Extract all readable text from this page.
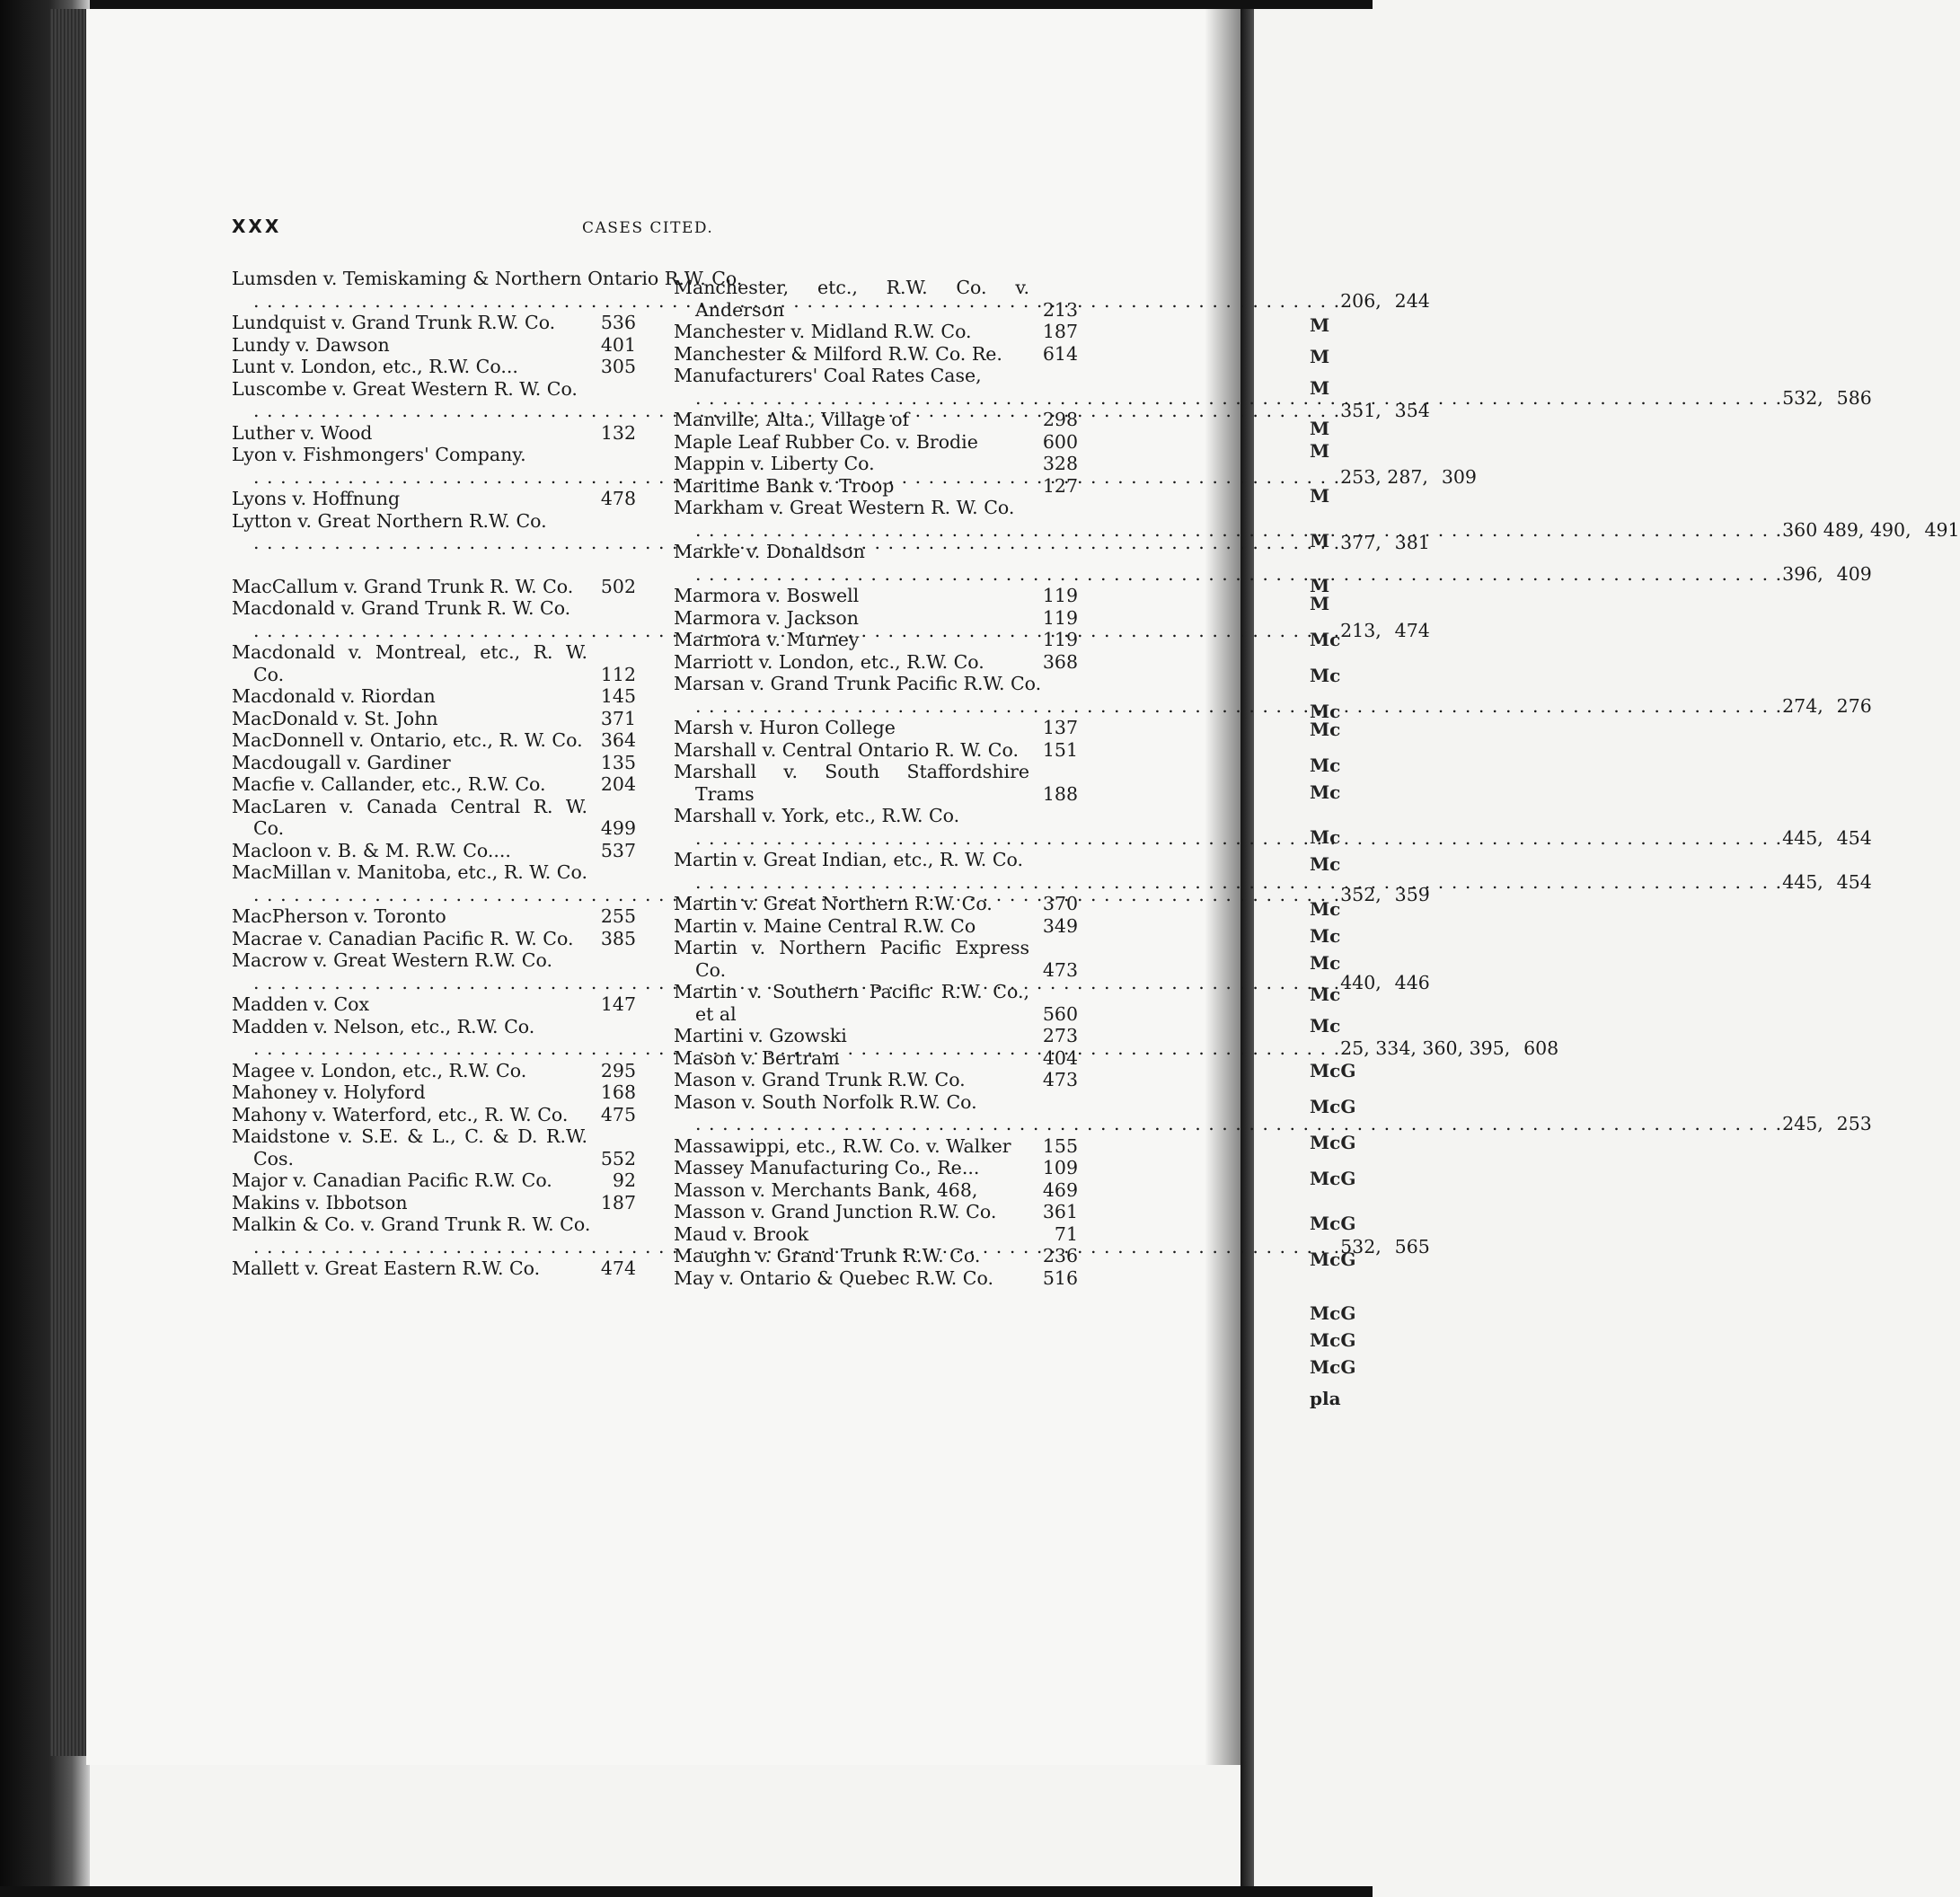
XXX	CASES CITED.
Lumsden v. Temiskaming & Northern Ontario R.W. Co.
. . .
206, 244
Lundquist v. Grand Trunk R.W. Co.	536
Lundy v. Dawson	401
Lunt v. London, etc., R.W. Co...	305
Luscombe v. Great Western R. W. Co.
. . .
351, 354
Luther v. Wood	132
Lyon v. Fishmongers' Company.
. . .
253, 287, 309
Lyons v. Hoffnung	478
Lytton v. Great Northern R.W. Co.
. . .
377, 381
MacCallum v. Grand Trunk R. W. Co.	502
Macdonald v. Grand Trunk R. W. Co.
. . .
213, 474
Macdonald v. Montreal, etc., R. W. Co.	112
Macdonald v. Riordan	145
MacDonald v. St. John	371
MacDonnell v. Ontario, etc., R. W. Co. 364
Macdougall v. Gardiner	135
Macfie v. Callander, etc., R.W. Co.	204
MacLaren v. Canada Central R. W. Co.	499
Macloon v. B. & M. R.W. Co....	537
MacMillan v. Manitoba, etc., R. W. Co.
. . .
352, 359
MacPherson v. Toronto	255
Macrae v. Canadian Pacific R. W. Co.	385
Macrow v. Great Western R.W. Co.
. . .
440, 446
Madden v. Cox	147
Madden v. Nelson, etc., R.W. Co.
. . .
25, 334, 360, 395, 608
Magee v. London, etc., R.W. Co.	295
Mahoney v. Holyford	168
Mahony v. Waterford, etc., R. W. Co.	475
Maidstone v. S.E. & L., C. & D. R.W. Cos.	552
Major v. Canadian Pacific R.W. Co.	92
Makins v. Ibbotson	187
Malkin & Co. v. Grand Trunk R. W. Co.
. . .
532, 565
Mallett v. Great Eastern R.W. Co.	474
Manchester, etc., R.W. Co. v. Anderson	213
Manchester v. Midland R.W. Co.	187
Manchester & Milford R.W. Co. Re.	614
Manufacturers' Coal Rates Case,
. . .
532, 586
Manville, Alta., Village of	298
Maple Leaf Rubber Co. v. Brodie	600
Mappin v. Liberty Co.	328
Maritime Bank v. Troop	127
Markham v. Great Western R. W. Co.
. . .
360 489, 490, 491
Markle v. Donaldson
. . .
396, 409
Marmora v. Boswell	119
Marmora v. Jackson	119
Marmora v. Murney	119
Marriott v. London, etc., R.W. Co.	368
Marsan v. Grand Trunk Pacific R.W. Co.
. . .
274, 276
Marsh v. Huron College	137
Marshall v. Central Ontario R. W. Co.	151
Marshall v. South Staffordshire Trams	188
Marshall v. York, etc., R.W. Co.
. . .
445, 454
Martin v. Great Indian, etc., R. W. Co.
. . .
445, 454
Martin v. Great Northern R.W. Co.	370
Martin v. Maine Central R.W. Co	349
Martin v. Northern Pacific Express Co.	473
Martin v. Southern Pacific R.W. Co., et al	560
Martini v. Gzowski	273
Mason v. Bertram	404
Mason v. Grand Trunk R.W. Co.	473
Mason v. South Norfolk R.W. Co.
. . .
245, 253
Massawippi, etc., R.W. Co. v. Walker	155
Massey Manufacturing Co., Re...	109
Masson v. Merchants Bank, 468,	469
Masson v. Grand Junction R.W. Co.	361
Maud v. Brook	71
Maughn v. Grand Trunk R.W. Co.	236
May v. Ontario & Quebec R.W. Co.	516
M
M
M
M
M
M
M
M
M
Mc
Mc
Mc
Mc
Mc
Mc
Mc
Mc
Mc
Mc
Mc
Mc
Mc
McG
McG
McG
McG
McG
McG
McG
McG
McG
pla
